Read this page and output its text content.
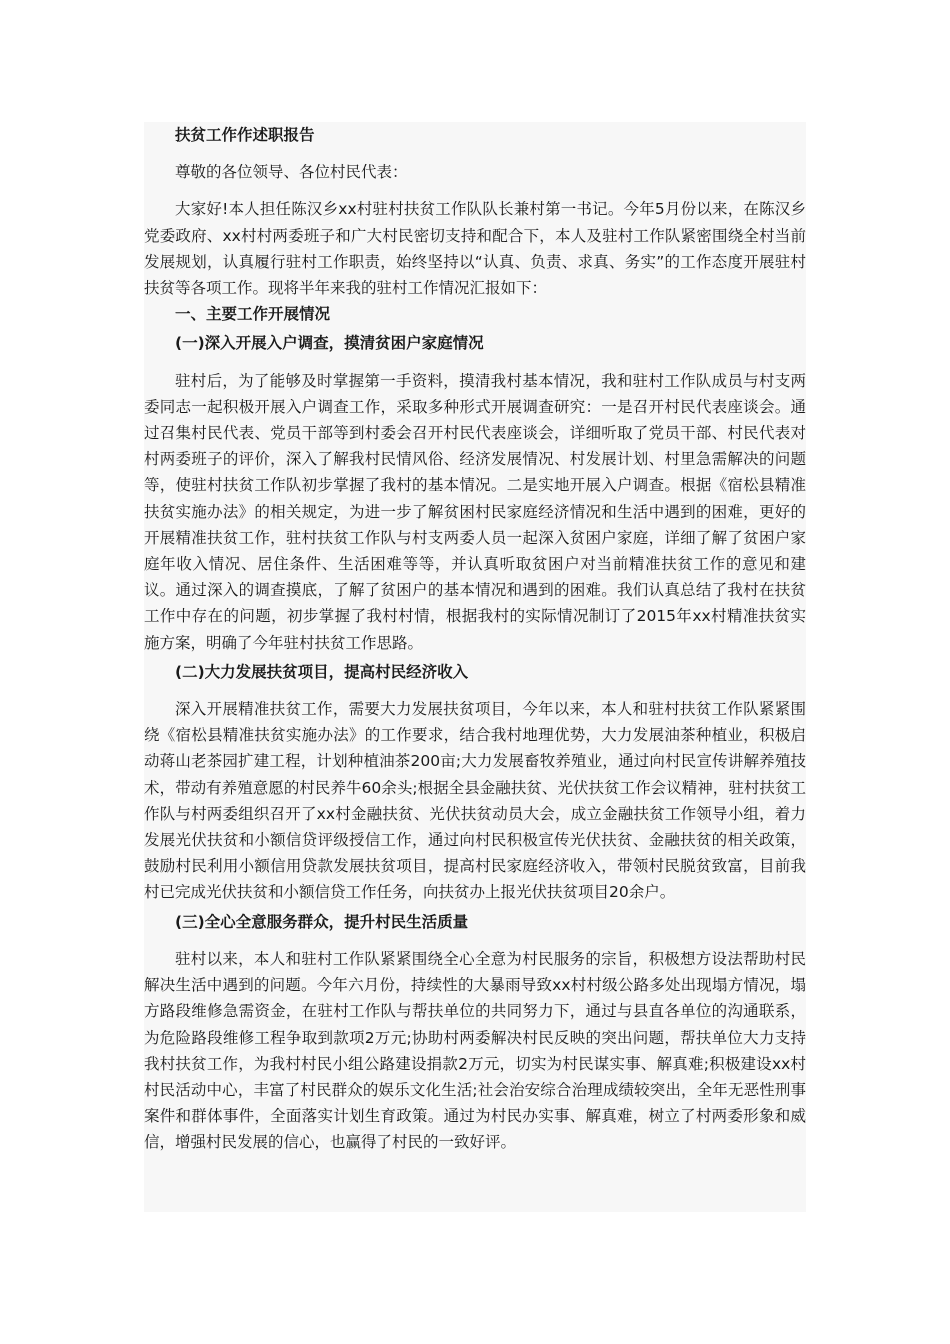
扶贫工作作述职报告

尊敬的各位领导、各位村民代表：

大家好!本人担任陈汉乡xx村驻村扶贫工作队队长兼村第一书记。今年5月份以来，在陈汉乡党委政府、xx村村两委班子和广大村民密切支持和配合下，本人及驻村工作队紧密围绕全村当前发展规划，认真履行驻村工作职责，始终坚持以“认真、负责、求真、务实”的工作态度开展驻村扶贫等各项工作。现将半年来我的驻村工作情况汇报如下：

一、主要工作开展情况

(一)深入开展入户调查，摸清贫困户家庭情况

驻村后，为了能够及时掌握第一手资料，摸清我村基本情况，我和驻村工作队成员与村支两委同志一起积极开展入户调查工作，采取多种形式开展调查研究：一是召开村民代表座谈会。通过召集村民代表、党员干部等到村委会召开村民代表座谈会，详细听取了党员干部、村民代表对村两委班子的评价，深入了解我村民情风俗、经济发展情况、村发展计划、村里急需解决的问题等，使驻村扶贫工作队初步掌握了我村的基本情况。二是实地开展入户调查。根据《宿松县精准扶贫实施办法》的相关规定，为进一步了解贫困村民家庭经济情况和生活中遇到的困难，更好的开展精准扶贫工作，驻村扶贫工作队与村支两委人员一起深入贫困户家庭，详细了解了贫困户家庭年收入情况、居住条件、生活困难等等，并认真听取贫困户对当前精准扶贫工作的意见和建议。通过深入的调查摸底，了解了贫困户的基本情况和遇到的困难。我们认真总结了我村在扶贫工作中存在的问题，初步掌握了我村村情，根据我村的实际情况制订了2015年xx村精准扶贫实施方案，明确了今年驻村扶贫工作思路。

(二)大力发展扶贫项目，提高村民经济收入

深入开展精准扶贫工作，需要大力发展扶贫项目，今年以来，本人和驻村扶贫工作队紧紧围绕《宿松县精准扶贫实施办法》的工作要求，结合我村地理优势，大力发展油茶种植业，积极启动蒋山老茶园扩建工程，计划种植油茶200亩;大力发展畜牧养殖业，通过向村民宣传讲解养殖技术，带动有养殖意愿的村民养牛60余头;根据全县金融扶贫、光伏扶贫工作会议精神，驻村扶贫工作队与村两委组织召开了xx村金融扶贫、光伏扶贫动员大会，成立金融扶贫工作领导小组，着力发展光伏扶贫和小额信贷评级授信工作，通过向村民积极宣传光伏扶贫、金融扶贫的相关政策，鼓励村民利用小额信用贷款发展扶贫项目，提高村民家庭经济收入，带领村民脱贫致富，目前我村已完成光伏扶贫和小额信贷工作任务，向扶贫办上报光伏扶贫项目20余户。

(三)全心全意服务群众，提升村民生活质量

驻村以来，本人和驻村工作队紧紧围绕全心全意为村民服务的宗旨，积极想方设法帮助村民解决生活中遇到的问题。今年六月份，持续性的大暴雨导致xx村村级公路多处出现塌方情况，塌方路段维修急需资金，在驻村工作队与帮扶单位的共同努力下，通过与县直各单位的沟通联系，为危险路段维修工程争取到款项2万元;协助村两委解决村民反映的突出问题，帮扶单位大力支持我村扶贫工作，为我村村民小组公路建设捐款2万元，切实为村民谋实事、解真难;积极建设xx村村民活动中心，丰富了村民群众的娱乐文化生活;社会治安综合治理成绩较突出，全年无恶性刑事案件和群体事件，全面落实计划生育政策。通过为村民办实事、解真难，树立了村两委形象和威信，增强村民发展的信心，也赢得了村民的一致好评。
